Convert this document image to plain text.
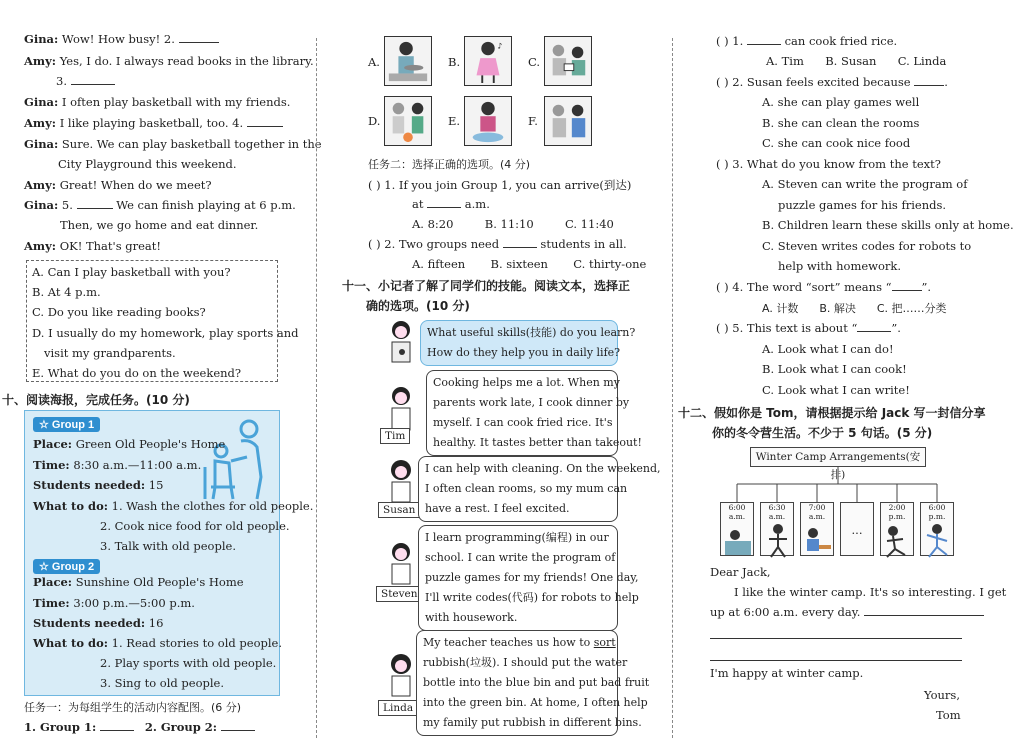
Gina: Wow! How busy! 2.
Amy: Yes, I do. I always read books in the library.
3.
Gina: I often play basketball with my friends.
Amy: I like playing basketball, too. 4.
Gina: Sure. We can play basketball together in the
City Playground this weekend.
Amy: Great! When do we meet?
Gina: 5.	We can finish playing at 6 p.m.
Then, we go home and eat dinner.
Amy: OK! That's great!
A. Can I play basketball with you?
B. At 4 p.m.
C. Do you like reading books?
D. I usually do my homework, play sports and
visit my grandparents.
E. What do you do on the weekend?
十、阅读海报，完成任务。(10 分)
☆ Group 1
Place: Green Old People's Home
Time: 8:30 a.m.—11:00 a.m.
Students needed: 15
What to do: 1. Wash the clothes for old people.
2. Cook nice food for old people.
3. Talk with old people.
☆ Group 2
Place: Sunshine Old People's Home
Time: 3:00 p.m.—5:00 p.m.
Students needed: 16
What to do: 1. Read stories to old people.
2. Play sports with old people.
3. Sing to old people.
任务一：为每组学生的活动内容配图。(6 分)
1. Group 1:	2. Group 2:
A.	B.
♪
C.
D.	E.	F.
任务二：选择正确的选项。(4 分)
( ) 1. If you join Group 1, you can arrive(到达)
at	a.m.
A. 8:20	B. 11:10	C. 11:40
( ) 2. Two groups need	students in all.
A. fifteen B. sixteen C. thirty-one
十一、小记者了解了同学们的技能。阅读文本，选择正
确的选项。(10 分)
What useful skills(技能) do you learn?
How do they help you in daily life?
Tim
Cooking helps me a lot. When my
parents work late, I cook dinner by
myself. I can cook fried rice. It's
healthy. It tastes better than takeout!
Susan
I can help with cleaning. On the weekend,
I often clean rooms, so my mum can
have a rest. I feel excited.
Steven
I learn programming(编程) in our
school. I can write the program of
puzzle games for my friends! One day,
I'll write codes(代码) for robots to help
with housework.
Linda
My teacher teaches us how to sort
rubbish(垃圾). I should put the water
bottle into the blue bin and put bad fruit
into the green bin. At home, I often help
my family put rubbish in different bins.
( ) 1.	can cook fried rice.
A. Tim B. Susan C. Linda
( ) 2. Susan feels excited because	.
A. she can play games well
B. she can clean the rooms
C. she can cook nice food
( ) 3. What do you know from the text?
A. Steven can write the program of
puzzle games for his friends.
B. Children learn these skills only at home.
C. Steven writes codes for robots to
help with homework.
( ) 4. The word “sort” means “	”.
A. 计数 B. 解决 C. 把……分类
( ) 5. This text is about “	”.
A. Look what I can do!
B. Look what I can cook!
C. Look what I can write!
十二、假如你是 Tom，请根据提示给 Jack 写一封信分享
你的冬令营生活。不少于 5 句话。(5 分)
Winter Camp Arrangements(安排)
6:00 a.m.
6:30 a.m.
7:00 a.m.
...
2:00 p.m.
6:00 p.m.
Dear Jack,
I like the winter camp. It's so interesting. I get
up at 6:00 a.m. every day.
I'm happy at winter camp.
Yours,
Tom
